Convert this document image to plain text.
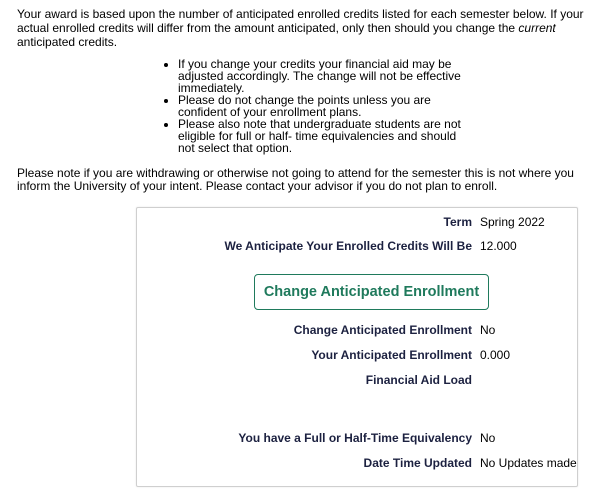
Your award is based upon the number of anticipated enrolled credits listed for each semester below. If your actual enrolled credits will differ from the amount anticipated, only then should you change the current anticipated credits.

• If you change your credits your financial aid may be adjusted accordingly. The change will not be effective immediately.
• Please do not change the points unless you are confident of your enrollment plans.
• Please also note that undergraduate students are not eligible for full or half- time equivalencies and should not select that option.

Please note if you are withdrawing or otherwise not going to attend for the semester this is not where you inform the University of your intent. Please contact your advisor if you do not plan to enroll.

Term Spring 2022
We Anticipate Your Enrolled Credits Will Be 12.000
Change Anticipated Enrollment
Change Anticipated Enrollment No
Your Anticipated Enrollment 0.000
Financial Aid Load
You have a Full or Half-Time Equivalency No
Date Time Updated No Updates made
